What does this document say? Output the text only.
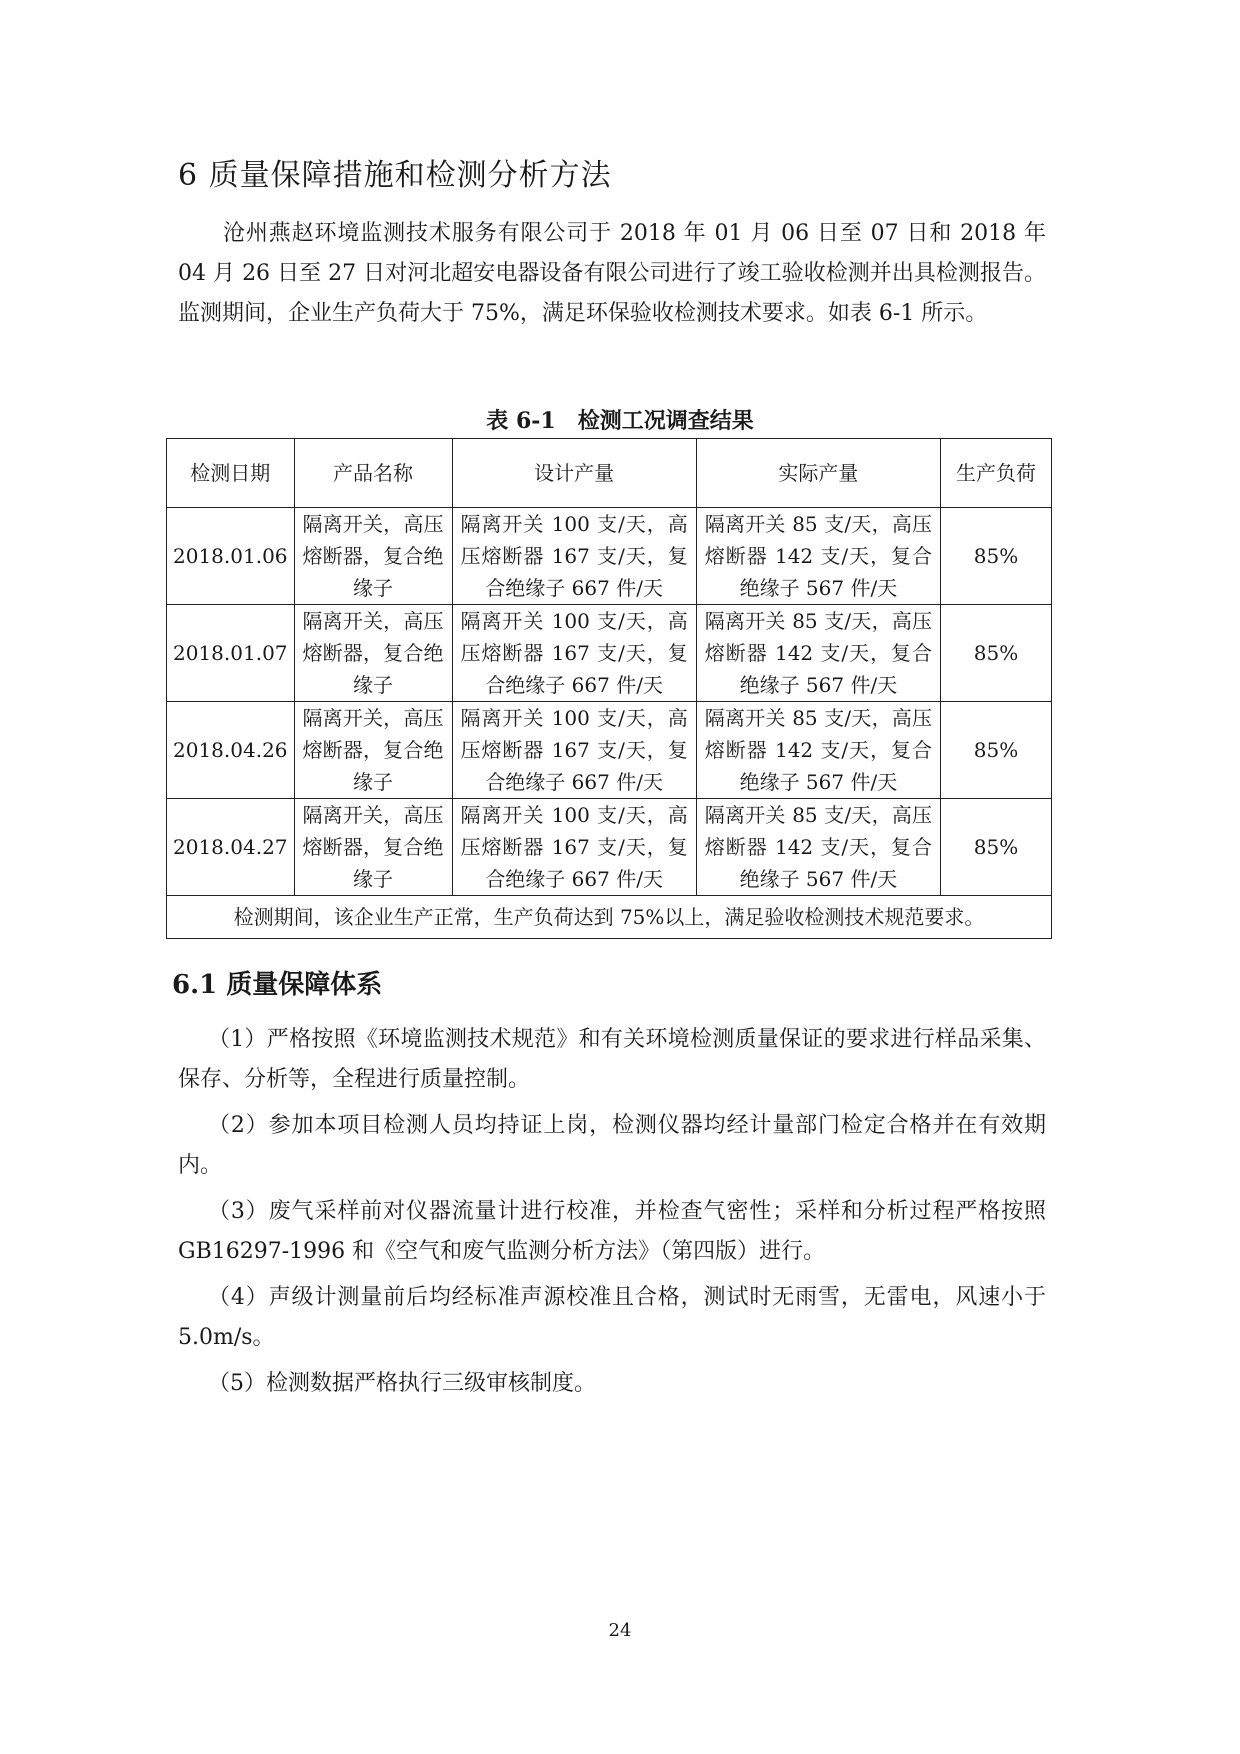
6 质量保障措施和检测分析方法
沧州燕赵环境监测技术服务有限公司于 2018 年 01 月 06 日至 07 日和 2018 年 04 月 26 日至 27 日对河北超安电器设备有限公司进行了竣工验收检测并出具检测报告。监测期间，企业生产负荷大于 75%，满足环保验收检测技术要求。如表 6-1 所示。
表 6-1　检测工况调查结果
检测日期	产品名称	设计产量	实际产量	生产负荷
2018.01.06	隔离开关，高压熔断器，复合绝缘子	隔离开关 100 支/天，高压熔断器 167 支/天，复合绝缘子 667 件/天	隔离开关 85 支/天，高压熔断器 142 支/天，复合绝缘子 567 件/天	85%
2018.01.07	隔离开关，高压熔断器，复合绝缘子	隔离开关 100 支/天，高压熔断器 167 支/天，复合绝缘子 667 件/天	隔离开关 85 支/天，高压熔断器 142 支/天，复合绝缘子 567 件/天	85%
2018.04.26	隔离开关，高压熔断器，复合绝缘子	隔离开关 100 支/天，高压熔断器 167 支/天，复合绝缘子 667 件/天	隔离开关 85 支/天，高压熔断器 142 支/天，复合绝缘子 567 件/天	85%
2018.04.27	隔离开关，高压熔断器，复合绝缘子	隔离开关 100 支/天，高压熔断器 167 支/天，复合绝缘子 667 件/天	隔离开关 85 支/天，高压熔断器 142 支/天，复合绝缘子 567 件/天	85%
检测期间，该企业生产正常，生产负荷达到 75%以上，满足验收检测技术规范要求。				
6.1 质量保障体系

（1）严格按照《环境监测技术规范》和有关环境检测质量保证的要求进行样品采集、保存、分析等，全程进行质量控制。

（2）参加本项目检测人员均持证上岗，检测仪器均经计量部门检定合格并在有效期内。

（3）废气采样前对仪器流量计进行校准，并检查气密性；采样和分析过程严格按照 GB16297-1996 和《空气和废气监测分析方法》（第四版）进行。

（4）声级计测量前后均经标准声源校准且合格，测试时无雨雪，无雷电，风速小于 5.0m/s。

（5）检测数据严格执行三级审核制度。

24
